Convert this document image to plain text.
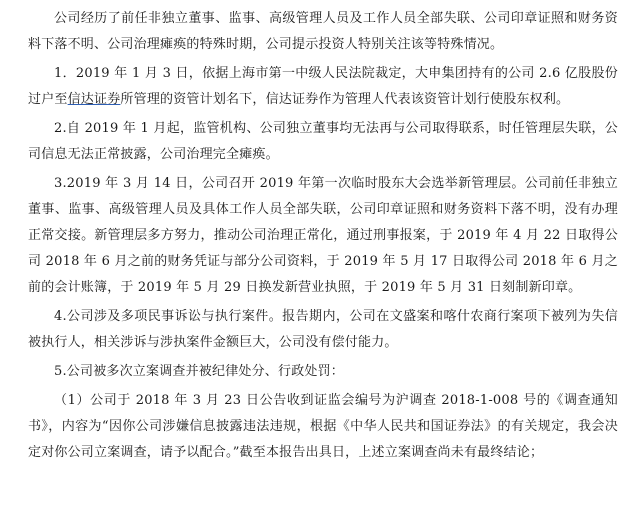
公司经历了前任非独立董事、监事、高级管理人员及工作人员全部失联、公司印章证照和财务资料下落不明、公司治理瘫痪的特殊时期，公司提示投资人特别关注该等特殊情况。

1．2019 年 1 月 3 日，依据上海市第一中级人民法院裁定，大申集团持有的公司 2.6 亿股股份过户至信达证券所管理的资管计划名下，信达证券作为管理人代表该资管计划行使股东权利。

2.自 2019 年 1 月起，监管机构、公司独立董事均无法再与公司取得联系，时任管理层失联，公司信息无法正常披露，公司治理完全瘫痪。

3.2019 年 3 月 14 日，公司召开 2019 年第一次临时股东大会选举新管理层。公司前任非独立董事、监事、高级管理人员及具体工作人员全部失联，公司印章证照和财务资料下落不明，没有办理正常交接。新管理层多方努力，推动公司治理正常化，通过刑事报案，于 2019 年 4 月 22 日取得公司 2018 年 6 月之前的财务凭证与部分公司资料，于 2019 年 5 月 17 日取得公司 2018 年 6 月之前的会计账簿，于 2019 年 5 月 29 日换发新营业执照，于 2019 年 5 月 31 日刻制新印章。

4.公司涉及多项民事诉讼与执行案件。报告期内，公司在文盛案和喀什农商行案项下被列为失信被执行人，相关涉诉与涉执案件金额巨大，公司没有偿付能力。

5.公司被多次立案调查并被纪律处分、行政处罚：

（1）公司于 2018 年 3 月 23 日公告收到证监会编号为沪调查 2018-1-008 号的《调查通知书》，内容为“因你公司涉嫌信息披露违法违规，根据《中华人民共和国证券法》的有关规定，我会决定对你公司立案调查，请予以配合。”截至本报告出具日，上述立案调查尚未有最终结论；
